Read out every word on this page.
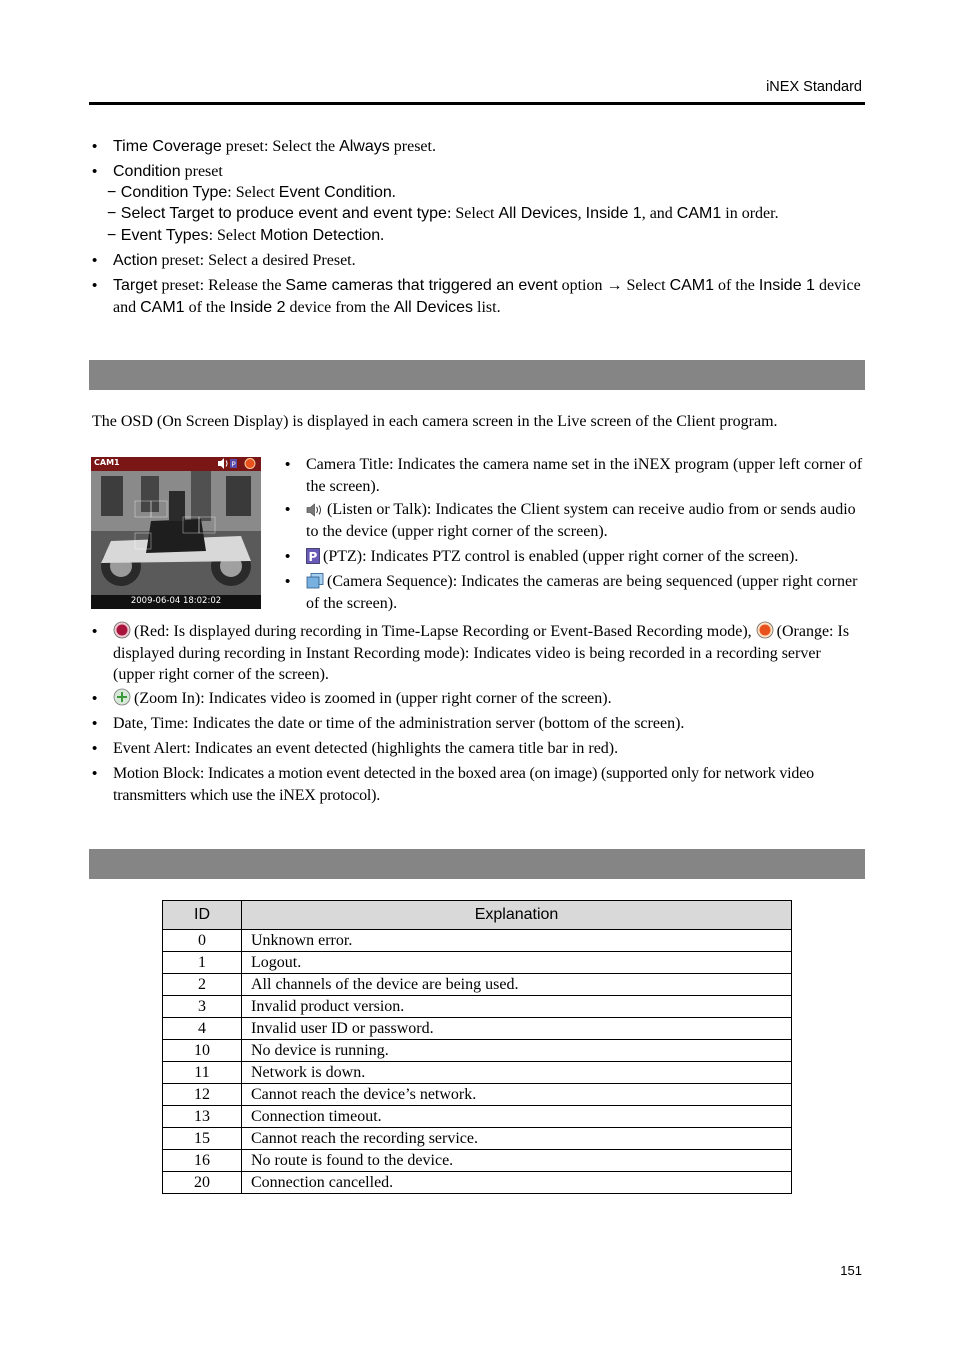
iNEX Standard
• Time Coverage preset: Select the Always preset.
• Condition preset
− Condition Type: Select Event Condition.
− Select Target to produce event and event type: Select All Devices, Inside 1, and CAM1 in order.
− Event Types: Select Motion Detection.
• Action preset: Select a desired Preset.
• Target preset: Release the Same cameras that triggered an event option → Select CAM1 of the Inside 1 device and CAM1 of the Inside 2 device from the All Devices list.
The OSD (On Screen Display) is displayed in each camera screen in the Live screen of the Client program.
CAM1	P
2009-06-04 18:02:02
• Camera Title: Indicates the camera name set in the iNEX program (upper left corner of the screen).
•	(Listen or Talk): Indicates the Client system can receive audio from or sends audio to the device (upper right corner of the screen).
• P (PTZ): Indicates PTZ control is enabled (upper right corner of the screen).
•	(Camera Sequence): Indicates the cameras are being sequenced (upper right corner of the screen).
•	(Red: Is displayed during recording in Time-Lapse Recording or Event-Based Recording mode), (Orange: Is displayed during recording in Instant Recording mode): Indicates video is being recorded in a recording server (upper right corner of the screen).
•	(Zoom In): Indicates video is zoomed in (upper right corner of the screen).
• Date, Time: Indicates the date or time of the administration server (bottom of the screen).
• Event Alert: Indicates an event detected (highlights the camera title bar in red).
• Motion Block: Indicates a motion event detected in the boxed area (on image) (supported only for network video transmitters which use the iNEX protocol).
ID	Explanation
0	Unknown error.
1	Logout.
2	All channels of the device are being used.
3	Invalid product version.
4	Invalid user ID or password.
10	No device is running.
11	Network is down.
12	Cannot reach the device’s network.
13	Connection timeout.
15	Cannot reach the recording service.
16	No route is found to the device.
20	Connection cancelled.
151
